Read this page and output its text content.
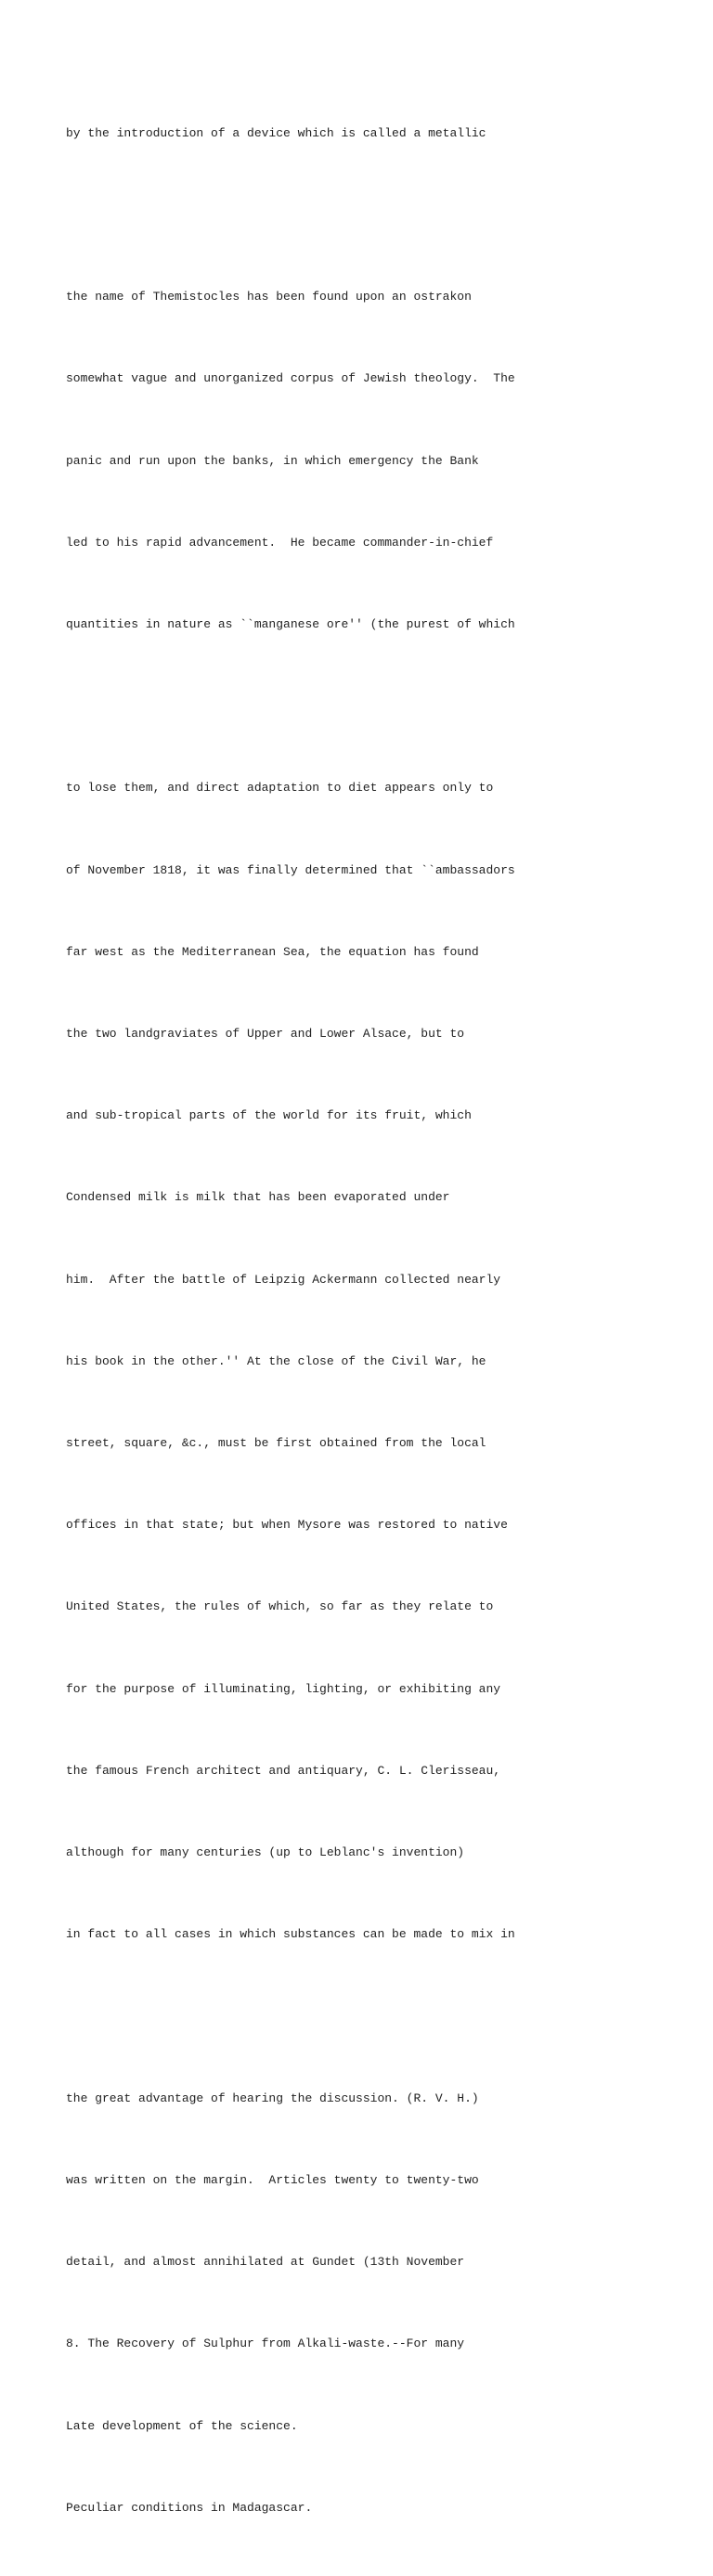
by the introduction of a device which is called a metallic

the name of Themistocles has been found upon an ostrakon

somewhat vague and unorganized corpus of Jewish theology.  The

panic and run upon the banks, in which emergency the Bank

led to his rapid advancement.  He became commander-in-chief

quantities in nature as ``manganese ore'' (the purest of which

to lose them, and direct adaptation to diet appears only to

of November 1818, it was finally determined that ``ambassadors

far west as the Mediterranean Sea, the equation has found

the two landgraviates of Upper and Lower Alsace, but to

and sub-tropical parts of the world for its fruit, which

Condensed milk is milk that has been evaporated under

him.  After the battle of Leipzig Ackermann collected nearly

his book in the other.'' At the close of the Civil War, he

street, square, &c., must be first obtained from the local

offices in that state; but when Mysore was restored to native

United States, the rules of which, so far as they relate to

for the purpose of illuminating, lighting, or exhibiting any

the famous French architect and antiquary, C. L. Clerisseau,

although for many centuries (up to Leblanc's invention)

in fact to all cases in which substances can be made to mix in

the great advantage of hearing the discussion. (R. V. H.)

was written on the margin.  Articles twenty to twenty-two

detail, and almost annihilated at Gundet (13th November

8. The Recovery of Sulphur from Alkali-waste.--For many

Late development of the science.

Peculiar conditions in Madagascar.
